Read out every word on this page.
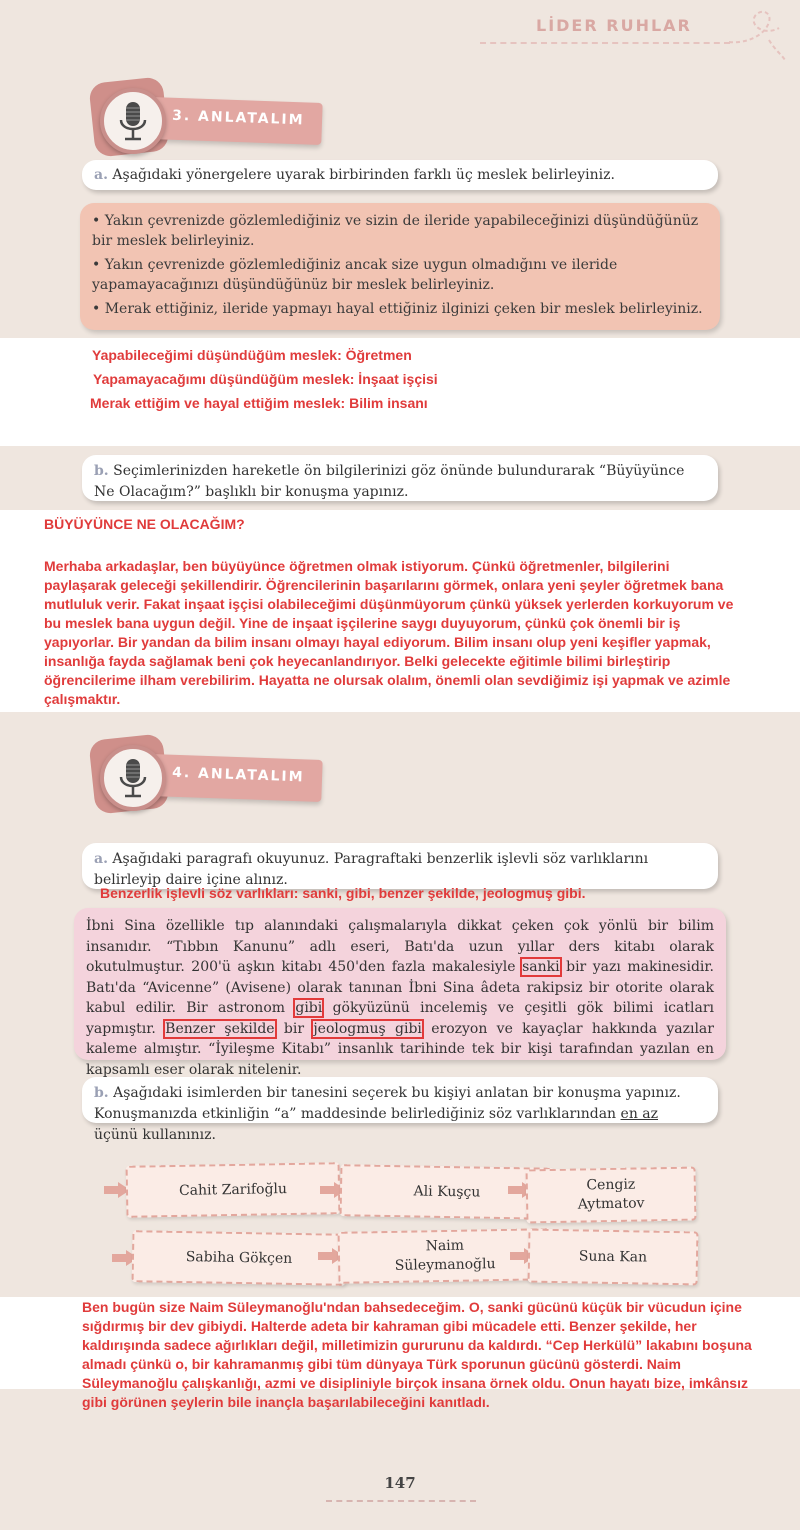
LİDER RUHLAR
3. ANLATALIM
a. Aşağıdaki yönergelere uyarak birbirinden farklı üç meslek belirleyiniz.

• Yakın çevrenizde gözlemlediğiniz ve sizin de ileride yapabileceğinizi düşündüğünüz bir meslek belirleyiniz.

• Yakın çevrenizde gözlemlediğiniz ancak size uygun olmadığını ve ileride yapamayacağınızı düşündüğünüz bir meslek belirleyiniz.

• Merak ettiğiniz, ileride yapmayı hayal ettiğiniz ilginizi çeken bir meslek belirleyiniz.

Yapabileceğimi düşündüğüm meslek: Öğretmen
Yapamayacağımı düşündüğüm meslek: İnşaat işçisi
Merak ettiğim ve hayal ettiğim meslek: Bilim insanı
b. Seçimlerinizden hareketle ön bilgilerinizi göz önünde bulundurarak “Büyüyünce Ne Olacağım?” başlıklı bir konuşma yapınız.
BÜYÜYÜNCE NE OLACAĞIM?
Merhaba arkadaşlar, ben büyüyünce öğretmen olmak istiyorum. Çünkü öğretmenler, bilgilerini paylaşarak geleceği şekillendirir. Öğrencilerinin başarılarını görmek, onlara yeni şeyler öğretmek bana mutluluk verir. Fakat inşaat işçisi olabileceğimi düşünmüyorum çünkü yüksek yerlerden korkuyorum ve bu meslek bana uygun değil. Yine de inşaat işçilerine saygı duyuyorum, çünkü çok önemli bir iş yapıyorlar. Bir yandan da bilim insanı olmayı hayal ediyorum. Bilim insanı olup yeni keşifler yapmak, insanlığa fayda sağlamak beni çok heyecanlandırıyor. Belki gelecekte eğitimle bilimi birleştirip öğrencilerime ilham verebilirim. Hayatta ne olursak olalım, önemli olan sevdiğimiz işi yapmak ve azimle çalışmaktır.
4. ANLATALIM
a. Aşağıdaki paragrafı okuyunuz. Paragraftaki benzerlik işlevli söz varlıklarını belirleyip daire içine alınız.
Benzerlik işlevli söz varlıkları: sanki, gibi, benzer şekilde, jeologmuş gibi.
İbni Sina özellikle tıp alanındaki çalışmalarıyla dikkat çeken çok yönlü bir bilim insanıdır. “Tıbbın Kanunu” adlı eseri, Batı'da uzun yıllar ders kitabı olarak okutulmuştur. 200'ü aşkın kitabı 450'den fazla makalesiyle sanki bir yazı makinesidir. Batı'da “Avicenne” (Avisene) olarak tanınan İbni Sina âdeta rakipsiz bir otorite olarak kabul edilir. Bir astronom gibi gökyüzünü incelemiş ve çeşitli gök bilimi icatları yapmıştır. Benzer şekilde bir jeologmuş gibi erozyon ve kayaçlar hakkında yazılar kaleme almıştır. “İyileşme Kitabı” insanlık tarihinde tek bir kişi tarafından yazılan en kapsamlı eser olarak nitelenir.
b. Aşağıdaki isimlerden bir tanesini seçerek bu kişiyi anlatan bir konuşma yapınız. Konuşmanızda etkinliğin “a” maddesinde belirlediğiniz söz varlıklarından en az üçünü kullanınız.
Cahit Zarifoğlu	Ali Kuşçu	Cengiz Aytmatov
Sabiha Gökçen
Naim Süleymanoğlu	Suna Kan
Ben bugün size Naim Süleymanoğlu'ndan bahsedeceğim. O, sanki gücünü küçük bir vücudun içine sığdırmış bir dev gibiydi. Halterde adeta bir kahraman gibi mücadele etti. Benzer şekilde, her kaldırışında sadece ağırlıkları değil, milletimizin gururunu da kaldırdı. “Cep Herkülü” lakabını boşuna almadı çünkü o, bir kahramanmış gibi tüm dünyaya Türk sporunun gücünü gösterdi. Naim Süleymanoğlu çalışkanlığı, azmi ve disipliniyle birçok insana örnek oldu. Onun hayatı bize, imkânsız gibi görünen şeylerin bile inançla başarılabileceğini kanıtladı.
147
